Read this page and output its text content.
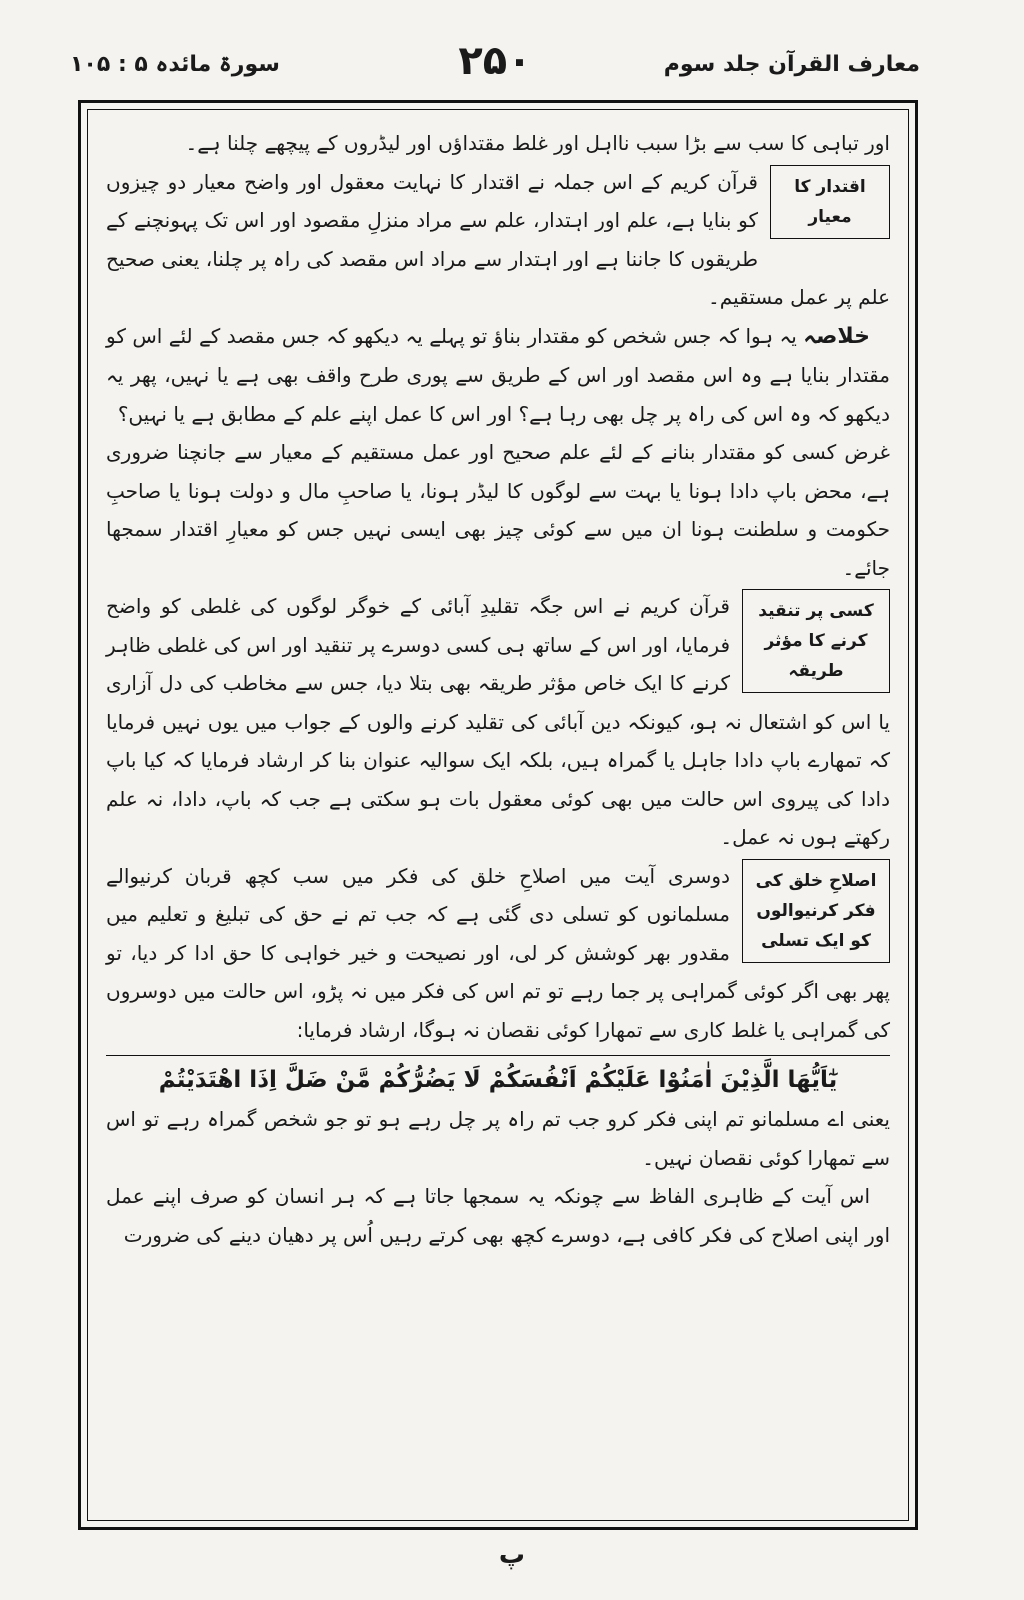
معارف القرآن جلد سوم
۲۵۰
سورۃ مائدہ ۵ : ۱۰۵

اور تباہی کا سب سے بڑا سبب نااہل اور غلط مقتداؤں اور لیڈروں کے پیچھے چلنا ہے۔

اقتدار کا معیار

قرآن کریم کے اس جملہ نے اقتدار کا نہایت معقول اور واضح معیار دو چیزوں کو بنایا ہے، علم اور اہتدار، علم سے مراد منزلِ مقصود اور اس تک پہونچنے کے طریقوں کا جاننا ہے اور اہتدار سے مراد اس مقصد کی راہ پر چلنا، یعنی صحیح علم پر عمل مستقیم۔

خلاصہ یہ ہوا کہ جس شخص کو مقتدار بناؤ تو پہلے یہ دیکھو کہ جس مقصد کے لئے اس کو مقتدار بنایا ہے وہ اس مقصد اور اس کے طریق سے پوری طرح واقف بھی ہے یا نہیں، پھر یہ دیکھو کہ وہ اس کی راہ پر چل بھی رہا ہے؟ اور اس کا عمل اپنے علم کے مطابق ہے یا نہیں؟

غرض کسی کو مقتدار بنانے کے لئے علم صحیح اور عمل مستقیم کے معیار سے جانچنا ضروری ہے، محض باپ دادا ہونا یا بہت سے لوگوں کا لیڈر ہونا، یا صاحبِ مال و دولت ہونا یا صاحبِ حکومت و سلطنت ہونا ان میں سے کوئی چیز بھی ایسی نہیں جس کو معیارِ اقتدار سمجھا جائے۔

کسی پر تنقید کرنے کا مؤثر طریقہ

قرآن کریم نے اس جگہ تقلیدِ آبائی کے خوگر لوگوں کی غلطی کو واضح فرمایا، اور اس کے ساتھ ہی کسی دوسرے پر تنقید اور اس کی غلطی ظاہر کرنے کا ایک خاص مؤثر طریقہ بھی بتلا دیا، جس سے مخاطب کی دل آزاری یا اس کو اشتعال نہ ہو، کیونکہ دین آبائی کی تقلید کرنے والوں کے جواب میں یوں نہیں فرمایا کہ تمھارے باپ دادا جاہل یا گمراہ ہیں، بلکہ ایک سوالیہ عنوان بنا کر ارشاد فرمایا کہ کیا باپ دادا کی پیروی اس حالت میں بھی کوئی معقول بات ہو سکتی ہے جب کہ باپ، دادا، نہ علم رکھتے ہوں نہ عمل۔

اصلاحِ خلق کی فکر کرنیوالوں کو ایک تسلی

دوسری آیت میں اصلاحِ خلق کی فکر میں سب کچھ قربان کرنیوالے مسلمانوں کو تسلی دی گئی ہے کہ جب تم نے حق کی تبلیغ و تعلیم میں مقدور بھر کوشش کر لی، اور نصیحت و خیر خواہی کا حق ادا کر دیا، تو پھر بھی اگر کوئی گمراہی پر جما رہے تو تم اس کی فکر میں نہ پڑو، اس حالت میں دوسروں کی گمراہی یا غلط کاری سے تمھارا کوئی نقصان نہ ہوگا، ارشاد فرمایا:

یٰٓاَیُّهَا الَّذِیْنَ اٰمَنُوْا عَلَیْكُمْ اَنْفُسَكُمْ لَا یَضُرُّكُمْ مَّنْ ضَلَّ اِذَا اهْتَدَیْتُمْ

یعنی اے مسلمانو تم اپنی فکر کرو جب تم راہ پر چل رہے ہو تو جو شخص گمراہ رہے تو اس سے تمھارا کوئی نقصان نہیں۔

اس آیت کے ظاہری الفاظ سے چونکہ یہ سمجھا جاتا ہے کہ ہر انسان کو صرف اپنے عمل اور اپنی اصلاح کی فکر کافی ہے، دوسرے کچھ بھی کرتے رہیں اُس پر دھیان دینے کی ضرورت

پ
